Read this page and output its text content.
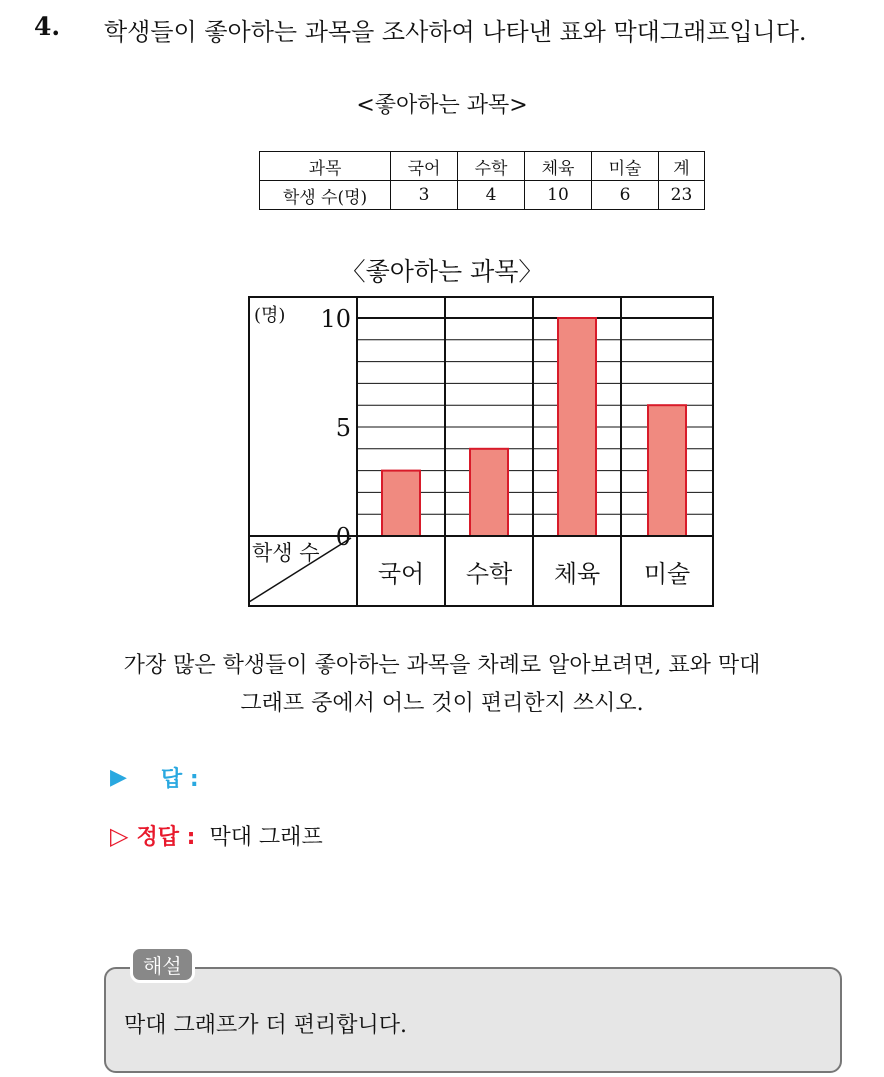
4. 학생들이 좋아하는 과목을 조사하여 나타낸 표와 막대그래프입니다.
<좋아하는 과목>
과목	국어	수학	체육	미술	계
학생 수(명)	3	4	10	6	23
〈좋아하는 과목〉
(명)
0
5
10
학생 수
국어 수학 체육 미술
가장 많은 학생들이 좋아하는 과목을 차례로 알아보려면, 표와 막대
그래프 중에서 어느 것이 편리한지 쓰시오.
▶ 답 :
▷ 정답 : 막대 그래프
해설
막대 그래프가 더 편리합니다.
